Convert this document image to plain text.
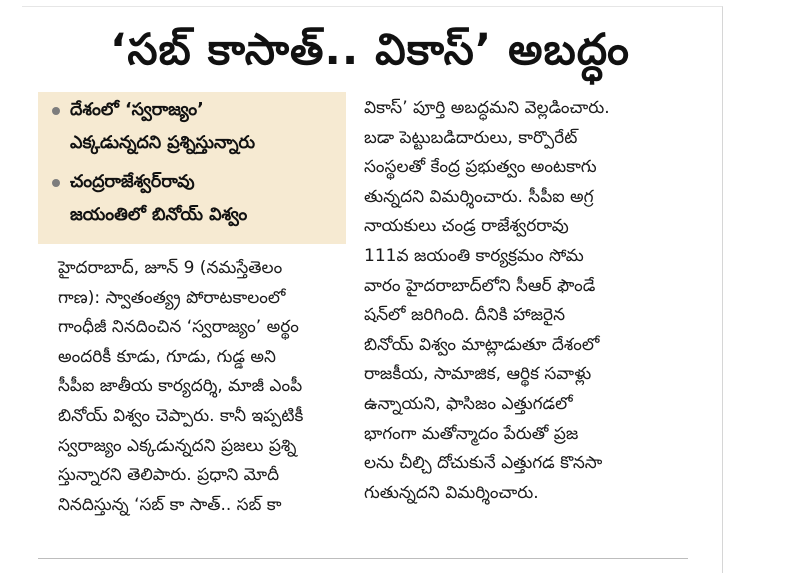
‘సబ్‌ కాసాత్‌.. వికాస్‌’ అబద్ధం
దేశంలో ‘స్వరాజ్యం’
ఎక్కడున్నదని ప్రశ్నిస్తున్నారు
చంద్రరాజేశ్వర్‌రావు
జయంతిలో బినోయ్‌ విశ్వం
హైదరాబాద్‌, జూన్‌ 9 (నమస్తేతెలం
గాణ): స్వాతంత్య్ర పోరాటకాలంలో
గాంధీజీ నినదించిన ‘స్వరాజ్యం’ అర్థం
అందరికీ కూడు, గూడు, గుడ్డ అని
సీపీఐ జాతీయ కార్యదర్శి, మాజీ ఎంపీ
బినోయ్‌ విశ్వం చెప్పారు. కానీ ఇప్పటికీ
స్వరాజ్యం ఎక్కడున్నదని ప్రజలు ప్రశ్ని
స్తున్నారని తెలిపారు. ప్రధాని మోదీ
నినదిస్తున్న ‘సబ్‌ కా సాత్‌.. సబ్‌ కా
వికాస్‌’ పూర్తి అబద్ధమని వెల్లడించారు.
బడా పెట్టుబడిదారులు, కార్పొరేట్‌
సంస్థలతో కేంద్ర ప్రభుత్వం అంటకాగు
తున్నదని విమర్శించారు. సీపీఐ అగ్ర
నాయకులు చండ్ర రాజేశ్వరరావు
111వ జయంతి కార్యక్రమం సోమ
వారం హైదరాబాద్‌లోని సీఆర్‌ ఫౌండే
షన్‌లో జరిగింది. దీనికి హాజరైన
బినోయ్‌ విశ్వం మాట్లాడుతూ దేశంలో
రాజకీయ, సామాజిక, ఆర్థిక సవాళ్లు
ఉన్నాయని, ఫాసిజం ఎత్తుగడలో
భాగంగా మతోన్మాదం పేరుతో ప్రజ
లను చీల్చి దోచుకునే ఎత్తుగడ కొనసా
గుతున్నదని విమర్శించారు.
